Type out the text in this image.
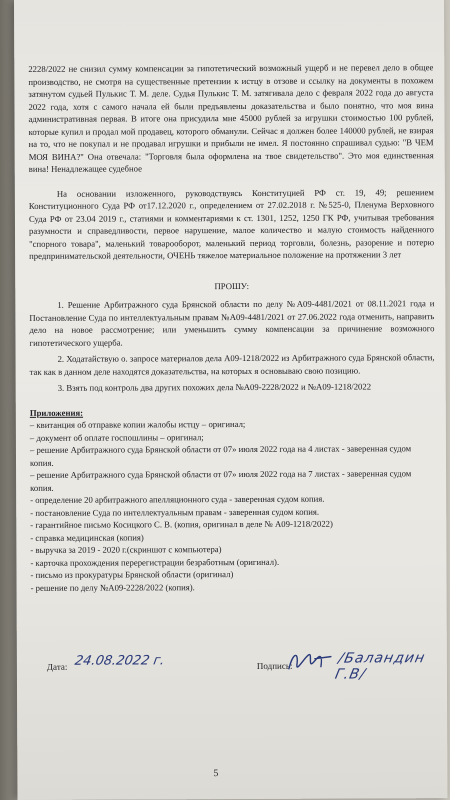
2228/2022 не снизил сумму компенсации за гипотетический возможный ущерб и не перевел дело в общее производство, не смотря на существенные претензии к истцу в отзове и ссылку на документы в похожем затянутом судьей Пулькис Т. М. деле. Судья Пулькис Т. М. затягивала дело с февраля 2022 года до августа 2022 года, хотя с самого начала ей были предъявлены доказательства и было понятно, что моя вина административная первая. В итоге она присудила мне 45000 рублей за игрушки стоимостью 100 рублей, которые купил и продал мой продавец, которого обманули. Сейчас я должен более 140000 рублей, не взирая на то, что не покупал и не продавал игрушки и прибыли не имел. Я постоянно спрашивал судью: "В ЧЕМ МОЯ ВИНА?" Она отвечала: "Торговля была оформлена на твое свидетельство". Это моя единственная вина! Ненадлежащее судебное

На основании изложенного, руководствуясь Конституцией РФ ст. 19, 49; решением Конституционного Суда РФ от17.12.2020 г., определением от 27.02.2018 г. №525-0, Пленума Верховного Суда РФ от 23.04 2019 г., статиями и комментариями к ст. 1301, 1252, 1250 ГК РФ, учитывая требования разумности и справедливости, первое нарушение, малое количество и малую стоимость найденного "спорного товара", маленький товарооборот, маленький период торговли, болезнь, разорение и потерю предпринимательской деятельности, ОЧЕНЬ тяжелое материальное положение на протяжении 3 лет

ПРОШУ:

1. Решение Арбитражного суда Брянской области по делу №А09-4481/2021 от 08.11.2021 года и Постановление Суда по интеллектуальным правам №А09-4481/2021 от 27.06.2022 года отменить, направить дело на новое рассмотрение; или уменьшить сумму компенсации за причинение возможного гипотетического ущерба.

2. Ходатайствую о. запросе материалов дела А09-1218/2022 из Арбитражного суда Брянской области, так как в данном деле находятся доказательства, на которых я основываю свою позицию.

3. Взять под контроль два других похожих дела №А09-2228/2022 и №А09-1218/2022

Приложения:

– квитанция об отправке копии жалобы истцу – оригинал;

– документ об оплате госпошлины – оригинал;

– решение Арбитражного суда Брянской области от 07» июля 2022 года на 4 листах - заверенная судом копия.

– решение Арбитражного суда Брянской области от 07» июля 2022 года на 7 листах - заверенная судом копия.

- определение 20 арбитражного апелляционного суда - заверенная судом копия.

- постановление Суда по интеллектуальным правам - заверенная судом копия.

- гарантийное письмо Косицкого С. В. (копия, оригинал в деле № А09-1218/2022)

- справка медицинская (копия)

- выручка за 2019 - 2020 г.(скриншот с компьютера)

- карточка прохождения перерегистрации безработным (оригинал).

- письмо из прокуратуры Брянской области (оригинал)

- решение по делу №А09-2228/2022 (копия).

Дата: 24.08.2022 г.	Подпись:	/Баландин Г.В/
5
